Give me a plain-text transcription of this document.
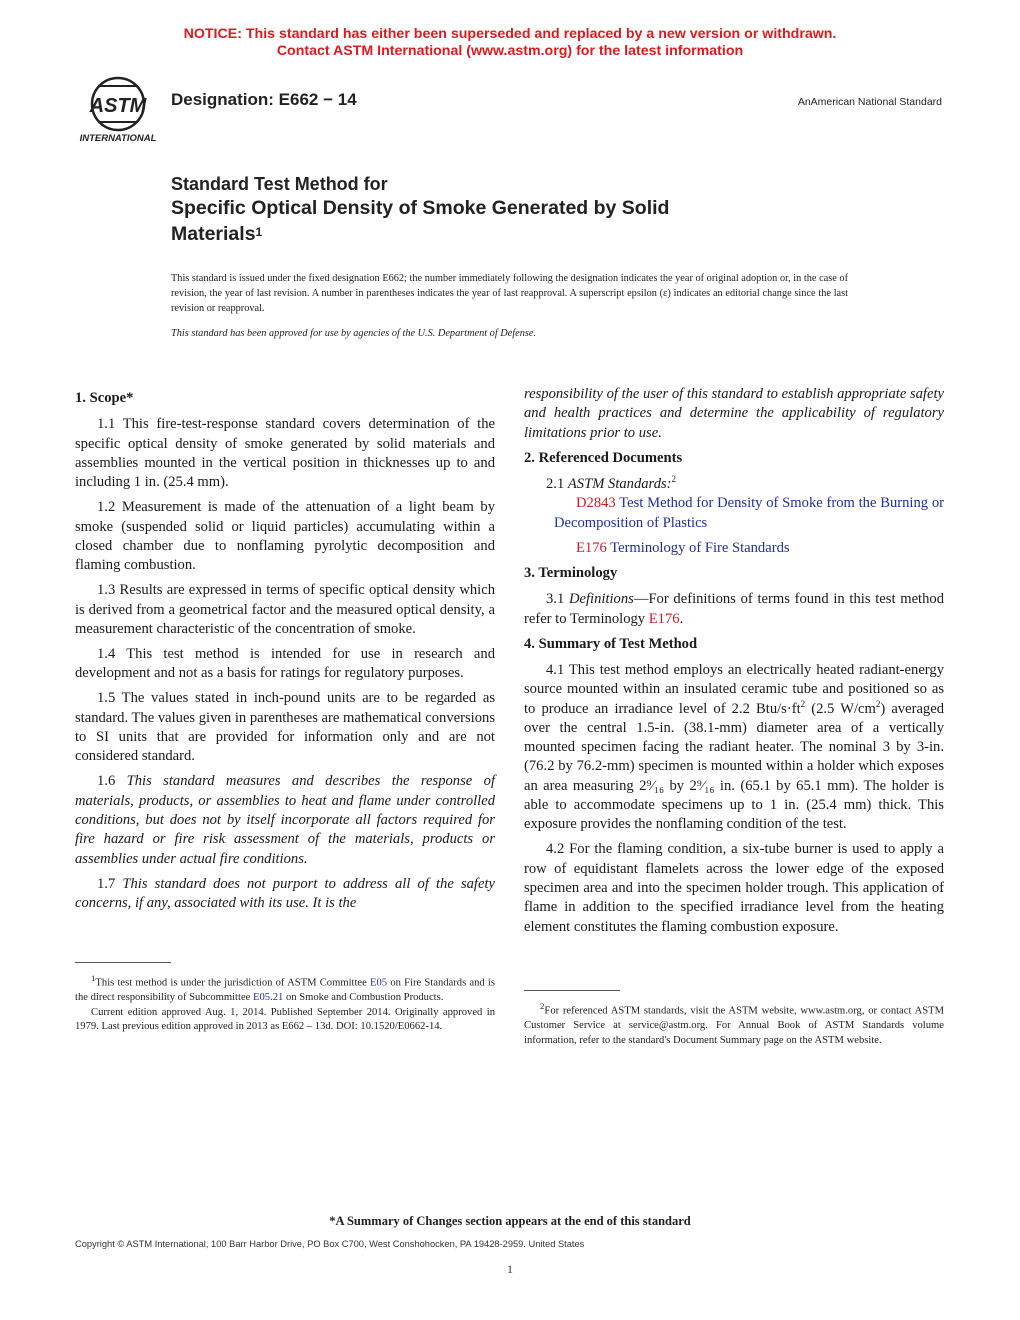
NOTICE: This standard has either been superseded and replaced by a new version or withdrawn.
Contact ASTM International (www.astm.org) for the latest information
ASTM
INTERNATIONAL
Designation: E662 − 14	AnAmerican National Standard
Standard Test Method for
Specific Optical Density of Smoke Generated by Solid
Materials$^1$
This standard is issued under the fixed designation E662; the number immediately following the designation indicates the year of original adoption or, in the case of revision, the year of last revision. A number in parentheses indicates the year of last reapproval. A superscript epsilon (ε) indicates an editorial change since the last revision or reapproval.
This standard has been approved for use by agencies of the U.S. Department of Defense.
1. Scope*

1.1 This fire-test-response standard covers determination of the specific optical density of smoke generated by solid materials and assemblies mounted in the vertical position in thicknesses up to and including 1 in. (25.4 mm).

1.2 Measurement is made of the attenuation of a light beam by smoke (suspended solid or liquid particles) accumulating within a closed chamber due to nonflaming pyrolytic decomposition and flaming combustion.

1.3 Results are expressed in terms of specific optical density which is derived from a geometrical factor and the measured optical density, a measurement characteristic of the concentration of smoke.

1.4 This test method is intended for use in research and development and not as a basis for ratings for regulatory purposes.

1.5 The values stated in inch-pound units are to be regarded as standard. The values given in parentheses are mathematical conversions to SI units that are provided for information only and are not considered standard.

1.6 This standard measures and describes the response of materials, products, or assemblies to heat and flame under controlled conditions, but does not by itself incorporate all factors required for fire hazard or fire risk assessment of the materials, products or assemblies under actual fire conditions.

1.7 This standard does not purport to address all of the safety concerns, if any, associated with its use. It is the

$^1$This test method is under the jurisdiction of ASTM Committee E05 on Fire Standards and is the direct responsibility of Subcommittee E05.21 on Smoke and Combustion Products.

Current edition approved Aug. 1, 2014. Published September 2014. Originally approved in 1979. Last previous edition approved in 2013 as E662 – 13d. DOI: 10.1520/E0662-14.

responsibility of the user of this standard to establish appropriate safety and health practices and determine the applicability of regulatory limitations prior to use.

2. Referenced Documents

2.1 ASTM Standards:$^2$

D2843 Test Method for Density of Smoke from the Burning or Decomposition of Plastics

E176 Terminology of Fire Standards

3. Terminology

3.1 Definitions—For definitions of terms found in this test method refer to Terminology E176.

4. Summary of Test Method

4.1 This test method employs an electrically heated radiant-energy source mounted within an insulated ceramic tube and positioned so as to produce an irradiance level of 2.2 Btu/$s\cdot ft^2$ (2.5 $W/cm^2$) averaged over the central 1.5-in. (38.1-mm) diameter area of a vertically mounted specimen facing the radiant heater. The nominal 3 by 3-in. (76.2 by 76.2-mm) specimen is mounted within a holder which exposes an area measuring 2⁹⁄₁₆ by 2⁹⁄₁₆ in. (65.1 by 65.1 mm). The holder is able to accommodate specimens up to 1 in. (25.4 mm) thick. This exposure provides the nonflaming condition of the test.

4.2 For the flaming condition, a six-tube burner is used to apply a row of equidistant flamelets across the lower edge of the exposed specimen area and into the specimen holder trough. This application of flame in addition to the specified irradiance level from the heating element constitutes the flaming combustion exposure.

$^2$For referenced ASTM standards, visit the ASTM website, www.astm.org, or contact ASTM Customer Service at service@astm.org. For Annual Book of ASTM Standards volume information, refer to the standard's Document Summary page on the ASTM website.

*A Summary of Changes section appears at the end of this standard
Copyright © ASTM International, 100 Barr Harbor Drive, PO Box C700, West Conshohocken, PA 19428-2959. United States
1
